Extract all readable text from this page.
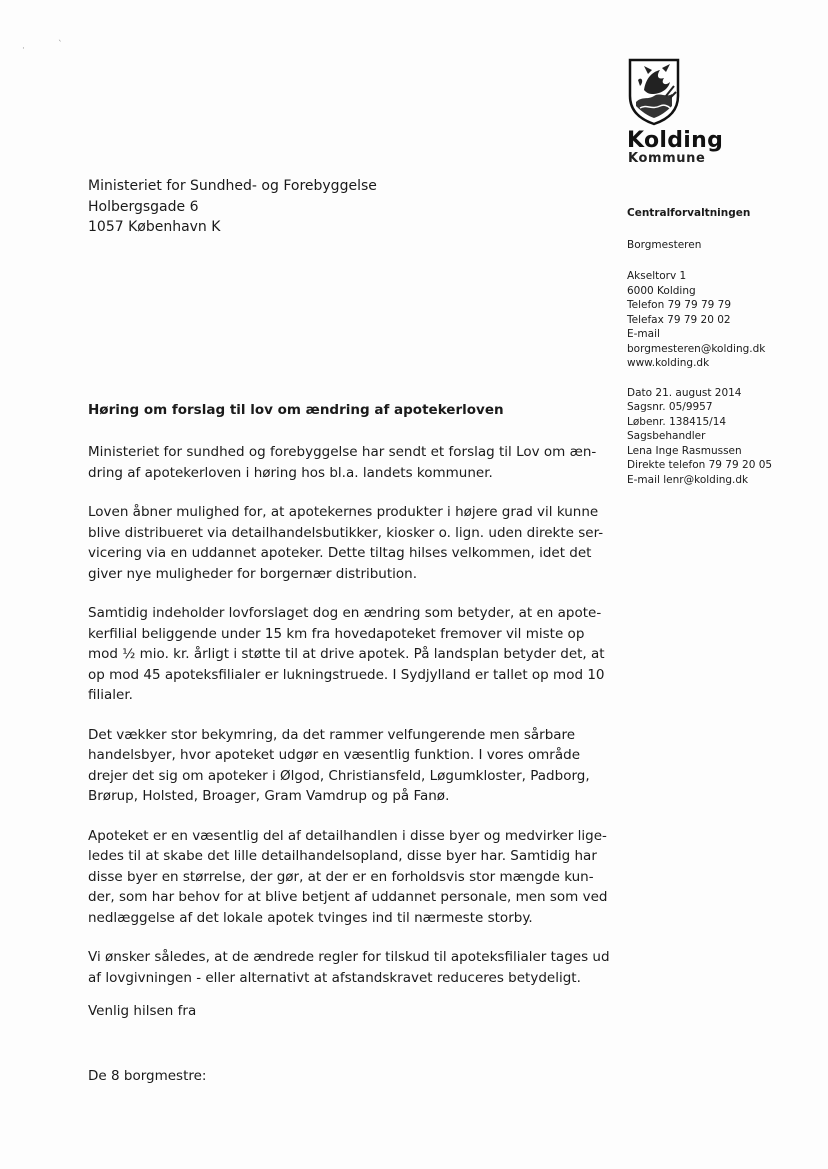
·	ˋ
Kolding
Kommune
Ministeriet for Sundhed- og Forebyggelse
Holbergsgade 6
1057 København K
Centralforvaltningen
Borgmesteren
Akseltorv 1
6000 Kolding
Telefon 79 79 79 79
Telefax 79 79 20 02
E-mail
borgmesteren@kolding.dk
www.kolding.dk
Dato 21. august 2014
Sagsnr. 05/9957
Løbenr. 138415/14
Sagsbehandler
Lena Inge Rasmussen
Direkte telefon 79 79 20 05
E-mail lenr@kolding.dk
Høring om forslag til lov om ændring af apotekerloven

Ministeriet for sundhed og forebyggelse har sendt et forslag til Lov om æn-
dring af apotekerloven i høring hos bl.a. landets kommuner.

Loven åbner mulighed for, at apotekernes produkter i højere grad vil kunne
blive distribueret via detailhandelsbutikker, kiosker o. lign. uden direkte ser-
vicering via en uddannet apoteker. Dette tiltag hilses velkommen, idet det
giver nye muligheder for borgernær distribution.

Samtidig indeholder lovforslaget dog en ændring som betyder, at en apote-
kerfilial beliggende under 15 km fra hovedapoteket fremover vil miste op
mod ½ mio. kr. årligt i støtte til at drive apotek. På landsplan betyder det, at
op mod 45 apoteksfilialer er lukningstruede. I Sydjylland er tallet op mod 10
filialer.

Det vækker stor bekymring, da det rammer velfungerende men sårbare
handelsbyer, hvor apoteket udgør en væsentlig funktion. I vores område
drejer det sig om apoteker i Ølgod, Christiansfeld, Løgumkloster, Padborg,
Brørup, Holsted, Broager, Gram Vamdrup og på Fanø.

Apoteket er en væsentlig del af detailhandlen i disse byer og medvirker lige-
ledes til at skabe det lille detailhandelsopland, disse byer har. Samtidig har
disse byer en størrelse, der gør, at der er en forholdsvis stor mængde kun-
der, som har behov for at blive betjent af uddannet personale, men som ved
nedlæggelse af det lokale apotek tvinges ind til nærmeste storby.

Vi ønsker således, at de ændrede regler for tilskud til apoteksfilialer tages ud
af lovgivningen - eller alternativt at afstandskravet reduceres betydeligt.

Venlig hilsen fra
De 8 borgmestre:
